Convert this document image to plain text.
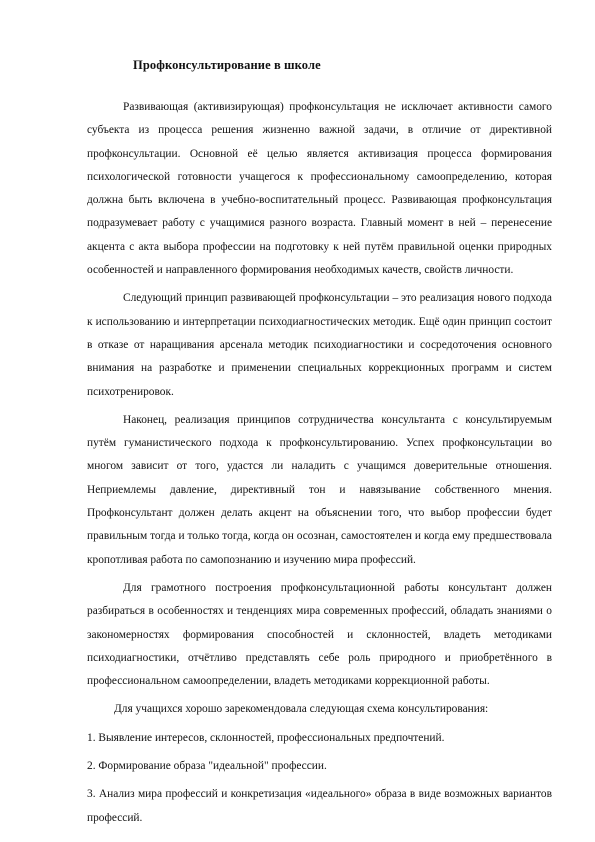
Профконсультирование в школе

Развивающая (активизирующая) профконсультация не исключает активности самого субъекта из процесса решения жизненно важной задачи, в отличие от директивной профконсультации. Основной её целью является активизация процесса формирования психологической готовности учащегося к профессиональному самоопределению, которая должна быть включена в учебно-воспитательный процесс. Развивающая профконсультация подразумевает работу с учащимися разного возраста. Главный момент в ней – перенесение акцента с акта выбора профессии на подготовку к ней путём правильной оценки природных особенностей и направленного формирования необходимых качеств, свойств личности.

Следующий принцип развивающей профконсультации – это реализация нового подхода к использованию и интерпретации психодиагностических методик. Ещё один принцип состоит в отказе от наращивания арсенала методик психодиагностики и сосредоточения основного внимания на разработке и применении специальных коррекционных программ и систем психотренировок.

Наконец, реализация принципов сотрудничества консультанта с консультируемым путём гуманистического подхода к профконсультированию. Успех профконсультации во многом зависит от того, удастся ли наладить с учащимся доверительные отношения. Неприемлемы давление, директивный тон и навязывание собственного мнения. Профконсультант должен делать акцент на объяснении того, что выбор профессии будет правильным тогда и только тогда, когда он осознан, самостоятелен и когда ему предшествовала кропотливая работа по самопознанию и изучению мира профессий.

Для грамотного построения профконсультационной работы консультант должен разбираться в особенностях и тенденциях мира современных профессий, обладать знаниями о закономерностях формирования способностей и склонностей, владеть методиками психодиагностики, отчётливо представлять себе роль природного и приобретённого в профессиональном самоопределении, владеть методиками коррекционной работы.

Для учащихся хорошо зарекомендовала следующая схема консультирования:

1. Выявление интересов, склонностей, профессиональных предпочтений.
2. Формирование образа "идеальной" профессии.
3. Анализ мира профессий и конкретизация «идеального» образа в виде возможных вариантов профессий.
